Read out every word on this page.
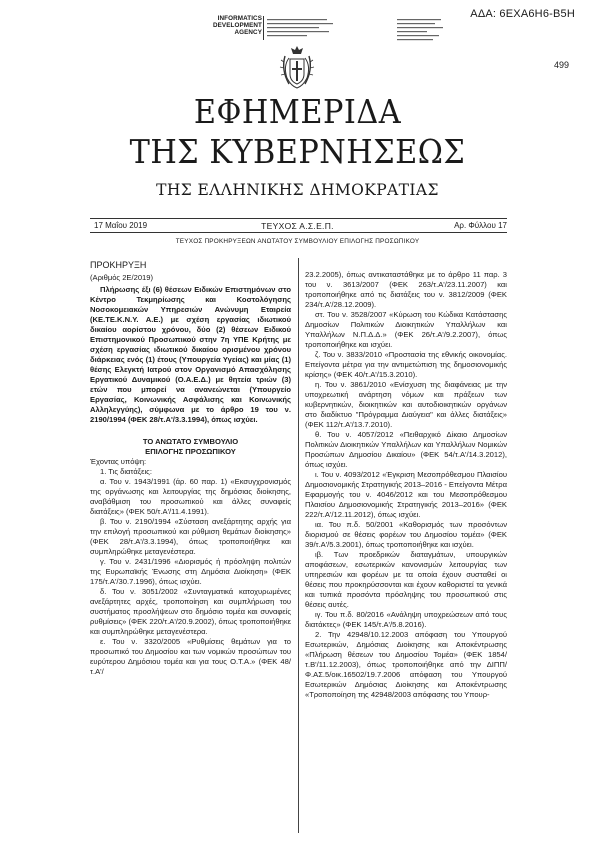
ΑΔΑ: 6ΕΧΑ6Η6-Β5Η
499
INFORMATICS
DEVELOPMENT
AGENCY
ΕΦΗΜΕΡΙΔΑ
ΤΗΣ ΚΥΒΕΡΝΗΣΕΩΣ
ΤΗΣ ΕΛΛΗΝΙΚΗΣ ΔΗΜΟΚΡΑΤΙΑΣ
17 Μαΐου 2019	ΤΕΥΧΟΣ Α.Σ.Ε.Π.	Αρ. Φύλλου 17
ΤΕΥΧΟΣ ΠΡΟΚΗΡΥΞΕΩΝ ΑΝΩΤΑΤΟΥ ΣΥΜΒΟΥΛΙΟΥ ΕΠΙΛΟΓΗΣ ΠΡΟΣΩΠΙΚΟΥ

ΠΡΟΚΗΡΥΞΗ

(Αριθμός 2Ε/2019)

Πλήρωσης έξι (6) θέσεων Ειδικών Επιστημόνων στο Κέντρο Τεκμηρίωσης και Κοστολόγησης Νοσοκομειακών Υπηρεσιών Ανώνυμη Εταιρεία (ΚΕ.ΤΕ.Κ.Ν.Υ. Α.Ε.) με σχέση εργασίας ιδιωτικού δικαίου αορίστου χρόνου, δύο (2) θέσεων Ειδικού Επιστημονικού Προσωπικού στην 7η ΥΠΕ Κρήτης με σχέση εργασίας ιδιωτικού δικαίου ορισμένου χρόνου διάρκειας ενός (1) έτους (Υπουργεία Υγείας) και μίας (1) θέσης Ελεγκτή Ιατρού στον Οργανισμό Απασχόλησης Εργατικού Δυναμικού (Ο.Α.Ε.Δ.) με θητεία τριών (3) ετών που μπορεί να ανανεώνεται (Υπουργείο Εργασίας, Κοινωνικής Ασφάλισης και Κοινωνικής Αλληλεγγύης), σύμφωνα με το άρθρο 19 του ν. 2190/1994 (ΦΕΚ 28/τ.Α'/3.3.1994), όπως ισχύει.

ΤΟ ΑΝΩΤΑΤΟ ΣΥΜΒΟΥΛΙΟ

ΕΠΙΛΟΓΗΣ ΠΡΟΣΩΠΙΚΟΥ

Έχοντας υπόψη:

1. Τις διατάξεις:

α. Του ν. 1943/1991 (άρ. 60 παρ. 1) «Εκσυγχρονισμός της οργάνωσης και λειτουργίας της δημόσιας διοίκησης, αναβάθμιση του προσωπικού και άλλες συναφείς διατάξεις» (ΦΕΚ 50/τ.Α'/11.4.1991).

β. Του ν. 2190/1994 «Σύσταση ανεξάρτητης αρχής για την επιλογή προσωπικού και ρύθμιση θεμάτων διοίκησης» (ΦΕΚ 28/τ.Α'/3.3.1994), όπως τροποποιήθηκε και συμπληρώθηκε μεταγενέστερα.

γ. Του ν. 2431/1996 «Διορισμός ή πρόσληψη πολιτών της Ευρωπαϊκής Ένωσης στη Δημόσια Διοίκηση» (ΦΕΚ 175/τ.Α'/30.7.1996), όπως ισχύει.

δ. Του ν. 3051/2002 «Συνταγματικά κατοχυρωμένες ανεξάρτητες αρχές, τροποποίηση και συμπλήρωση του συστήματος προσλήψεων στο δημόσιο τομέα και συναφείς ρυθμίσεις» (ΦΕΚ 220/τ.Α'/20.9.2002), όπως τροποποιήθηκε και συμπληρώθηκε μεταγενέστερα.

ε. Του ν. 3320/2005 «Ρυθμίσεις θεμάτων για το προσωπικό του Δημοσίου και των νομικών προσώπων του ευρύτερου Δημόσιου τομέα και για τους Ο.Τ.Α.» (ΦΕΚ 48/τ.Α'/

23.2.2005), όπως αντικαταστάθηκε με το άρθρο 11 παρ. 3 του ν. 3613/2007 (ΦΕΚ 263/τ.Α'/23.11.2007) και τροποποιήθηκε από τις διατάξεις του ν. 3812/2009 (ΦΕΚ 234/τ.Α'/28.12.2009).

στ. Του ν. 3528/2007 «Κύρωση του Κώδικα Κατάστασης Δημοσίων Πολιτικών Διοικητικών Υπαλλήλων και Υπαλλήλων Ν.Π.Δ.Δ.» (ΦΕΚ 26/τ.Α'/9.2.2007), όπως τροποποιήθηκε και ισχύει.

ζ. Του ν. 3833/2010 «Προστασία της εθνικής οικονομίας. Επείγοντα μέτρα για την αντιμετώπιση της δημοσιονομικής κρίσης» (ΦΕΚ 40/τ.Α'/15.3.2010).

η. Του ν. 3861/2010 «Ενίσχυση της διαφάνειας με την υποχρεωτική ανάρτηση νόμων και πράξεων των κυβερνητικών, διοικητικών και αυτοδιοικητικών οργάνων στο διαδίκτυο "Πρόγραμμα Διαύγεια" και άλλες διατάξεις» (ΦΕΚ 112/τ.Α'/13.7.2010).

θ. Του ν. 4057/2012 «Πειθαρχικό Δίκαιο Δημοσίων Πολιτικών Διοικητικών Υπαλλήλων και Υπαλλήλων Νομικών Προσώπων Δημοσίου Δικαίου» (ΦΕΚ 54/τ.Α'/14.3.2012), όπως ισχύει.

ι. Του ν. 4093/2012 «Έγκριση Μεσοπρόθεσμου Πλαισίου Δημοσιονομικής Στρατηγικής 2013–2016 - Επείγοντα Μέτρα Εφαρμογής του ν. 4046/2012 και του Μεσοπρόθεσμου Πλαισίου Δημοσιονομικής Στρατηγικής 2013–2016» (ΦΕΚ 222/τ.Α'/12.11.2012), όπως ισχύει.

ια. Του π.δ. 50/2001 «Καθορισμός των προσόντων διορισμού σε θέσεις φορέων του Δημοσίου τομέα» (ΦΕΚ 39/τ.Α'/5.3.2001), όπως τροποποιήθηκε και ισχύει.

ιβ. Των προεδρικών διαταγμάτων, υπουργικών αποφάσεων, εσωτερικών κανονισμών λειτουργίας των υπηρεσιών και φορέων με τα οποία έχουν συσταθεί οι θέσεις που προκηρύσσονται και έχουν καθοριστεί τα γενικά και τυπικά προσόντα πρόσληψης του προσωπικού στις θέσεις αυτές.

ιγ. Του π.δ. 80/2016 «Ανάληψη υποχρεώσεων από τους διατάκτες» (ΦΕΚ 145/τ.Α'/5.8.2016).

2. Την 42948/10.12.2003 απόφαση του Υπουργού Εσωτερικών, Δημόσιας Διοίκησης και Αποκέντρωσης «Πλήρωση θέσεων του Δημοσίου Τομέα» (ΦΕΚ 1854/τ.Β'/11.12.2003), όπως τροποποιήθηκε από την ΔΙΠΠ/Φ.ΑΣ.5/οικ.16502/19.7.2006 απόφαση του Υπουργού Εσωτερικών Δημόσιας Διοίκησης και Αποκέντρωσης «Τροποποίηση της 42948/2003 απόφασης του Υπουρ-
